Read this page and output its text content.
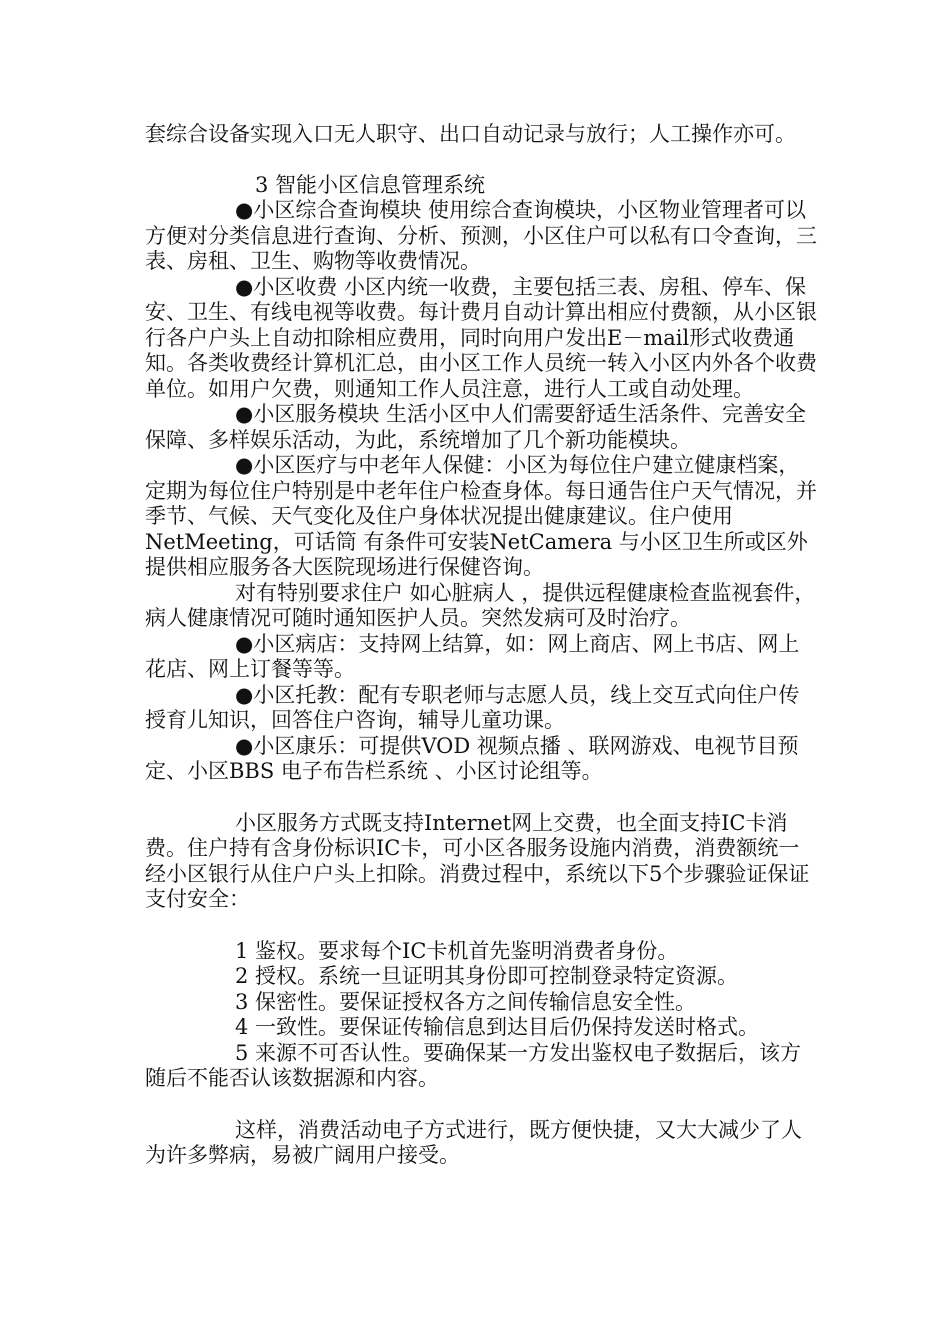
套综合设备实现入口无人职守、出口自动记录与放行；人工操作亦可。

3 智能小区信息管理系统

●小区综合查询模块 使用综合查询模块，小区物业管理者可以方便对分类信息进行查询、分析、预测，小区住户可以私有口令查询，三表、房租、卫生、购物等收费情况。

●小区收费 小区内统一收费，主要包括三表、房租、停车、保安、卫生、有线电视等收费。每计费月自动计算出相应付费额，从小区银行各户户头上自动扣除相应费用，同时向用户发出E－mail形式收费通知。各类收费经计算机汇总，由小区工作人员统一转入小区内外各个收费单位。如用户欠费，则通知工作人员注意，进行人工或自动处理。

●小区服务模块 生活小区中人们需要舒适生活条件、完善安全保障、多样娱乐活动，为此，系统增加了几个新功能模块。

●小区医疗与中老年人保健：小区为每位住户建立健康档案，定期为每位住户特别是中老年住户检查身体。每日通告住户天气情况，并季节、气候、天气变化及住户身体状况提出健康建议。住户使用NetMeeting，可话筒 有条件可安装NetCamera 与小区卫生所或区外提供相应服务各大医院现场进行保健咨询。

对有特别要求住户 如心脏病人 ，提供远程健康检查监视套件，病人健康情况可随时通知医护人员。突然发病可及时治疗。

●小区病店：支持网上结算，如：网上商店、网上书店、网上花店、网上订餐等等。

●小区托教：配有专职老师与志愿人员，线上交互式向住户传授育儿知识，回答住户咨询，辅导儿童功课。

●小区康乐：可提供VOD 视频点播 、联网游戏、电视节目预定、小区BBS 电子布告栏系统 、小区讨论组等。

小区服务方式既支持Internet网上交费，也全面支持IC卡消费。住户持有含身份标识IC卡，可小区各服务设施内消费，消费额统一经小区银行从住户户头上扣除。消费过程中，系统以下5个步骤验证保证支付安全：

1 鉴权。要求每个IC卡机首先鉴明消费者身份。

2 授权。系统一旦证明其身份即可控制登录特定资源。

3 保密性。要保证授权各方之间传输信息安全性。

4 一致性。要保证传输信息到达目后仍保持发送时格式。

5 来源不可否认性。要确保某一方发出鉴权电子数据后，该方随后不能否认该数据源和内容。

这样，消费活动电子方式进行，既方便快捷，又大大减少了人为许多弊病，易被广阔用户接受。
